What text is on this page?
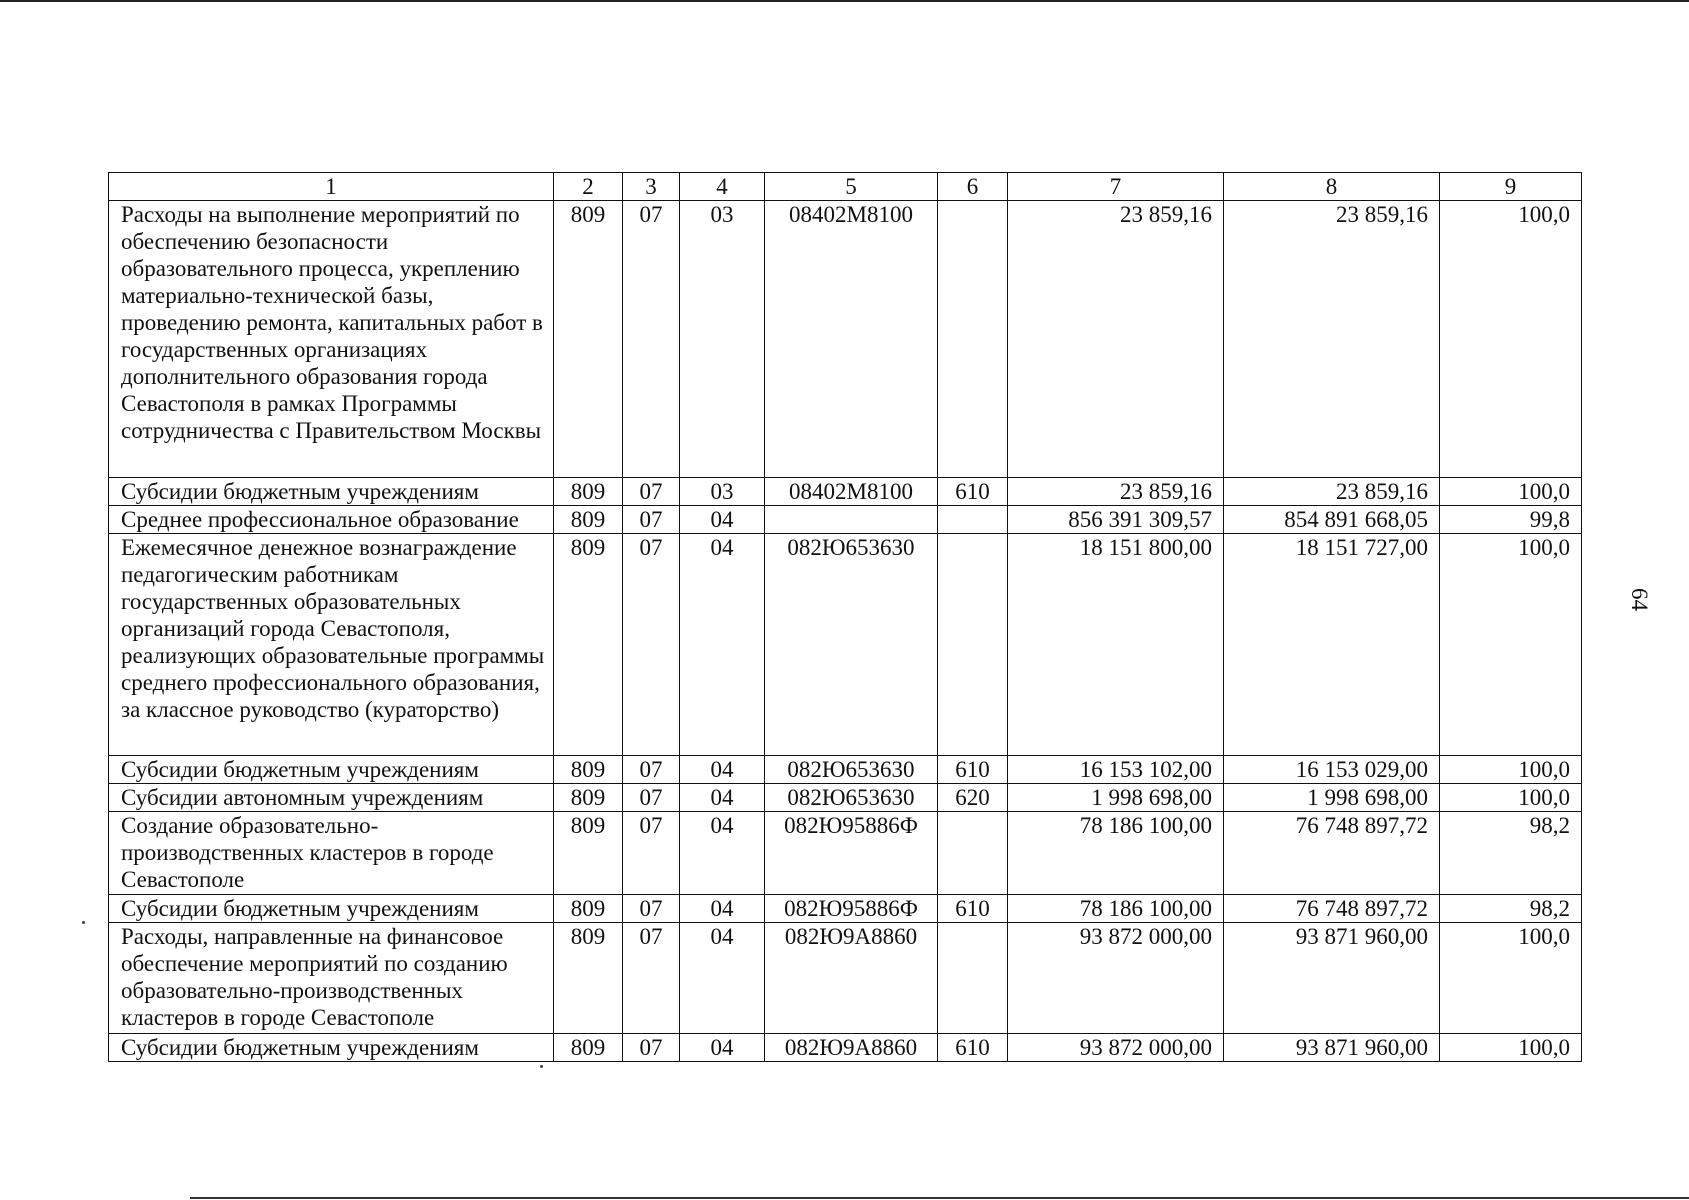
1	2	3	4	5	6	7	8	9
Расходы на выполнение мероприятий по обеспечению безопасности образовательного процесса, укреплению материально-технической базы, проведению ремонта, капитальных работ в государственных организациях дополнительного образования города Севастополя в рамках Программы сотрудничества с Правительством Москвы	809	07	03	08402М8100		23 859,16	23 859,16	100,0
Субсидии бюджетным учреждениям	809	07	03	08402М8100	610	23 859,16	23 859,16	100,0
Среднее профессиональное образование	809	07	04			856 391 309,57	854 891 668,05	99,8
Ежемесячное денежное вознаграждение педагогическим работникам государственных образовательных организаций города Севастополя, реализующих образовательные программы среднего профессионального образования, за классное руководство (кураторство)	809	07	04	082Ю653630		18 151 800,00	18 151 727,00	100,0
Субсидии бюджетным учреждениям	809	07	04	082Ю653630	610	16 153 102,00	16 153 029,00	100,0
Субсидии автономным учреждениям	809	07	04	082Ю653630	620	1 998 698,00	1 998 698,00	100,0
Создание образовательно-производственных кластеров в городе Севастополе	809	07	04	082Ю95886Ф		78 186 100,00	76 748 897,72	98,2
Субсидии бюджетным учреждениям	809	07	04	082Ю95886Ф	610	78 186 100,00	76 748 897,72	98,2
Расходы, направленные на финансовое обеспечение мероприятий по созданию образовательно-производственных кластеров в городе Севастополе	809	07	04	082Ю9А8860		93 872 000,00	93 871 960,00	100,0
Субсидии бюджетным учреждениям	809	07	04	082Ю9А8860	610	93 872 000,00	93 871 960,00	100,0
64
